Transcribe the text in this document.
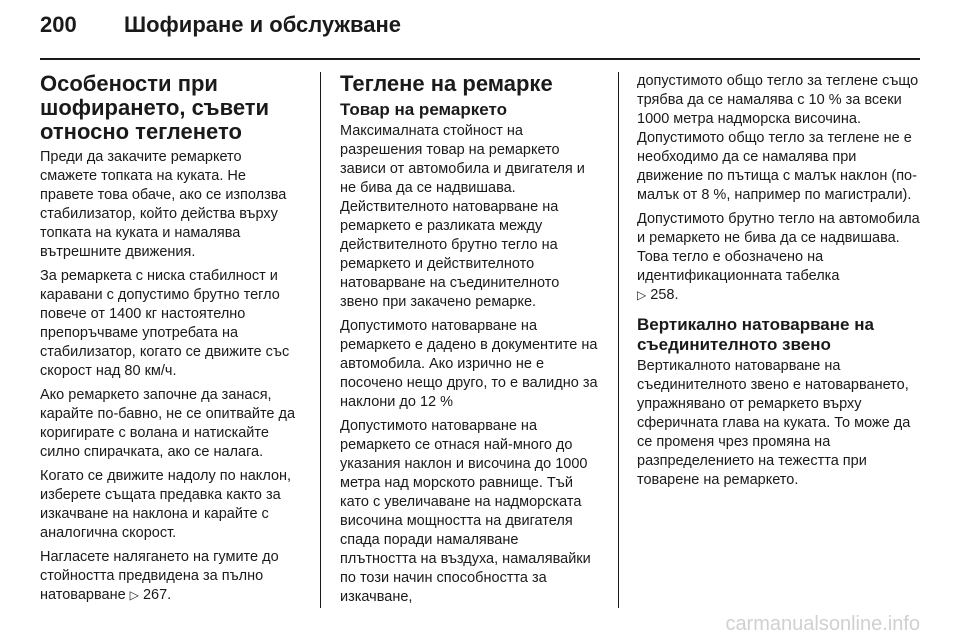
200	Шофиране и обслужване
Особености при шофирането, съвети относно тегленето

Преди да закачите ремаркето смажете топката на куката. Не правете това обаче, ако се използва стабилизатор, който действа върху топката на куката и намалява вътрешните движения.

За ремаркета с ниска стабилност и каравани с допустимо брутно тегло повече от 1400 кг настоятелно препоръчваме употребата на стабилизатор, когато се движите със скорост над 80 км/ч.

Ако ремаркето започне да занася, карайте по-бавно, не се опитвайте да коригирате с волана и натискайте силно спирачката, ако се налага.

Когато се движите надолу по наклон, изберете същата предавка както за изкачване на наклона и карайте с аналогична скорост.

Нагласете налягането на гумите до стойността предвидена за пълно натоварване ▷ 267.

Теглене на ремарке
Товар на ремаркето

Максималната стойност на разрешения товар на ремаркето зависи от автомобила и двигателя и не бива да се надвишава. Действителното натоварване на ремаркето е разликата между действителното брутно тегло на ремаркето и действителното натоварване на съединителното звено при закачено ремарке.

Допустимото натоварване на ремаркето е дадено в документите на автомобила. Ако изрично не е посочено нещо друго, то е валидно за наклони до 12 %

Допустимото натоварване на ремаркето се отнася най-много до указания наклон и височина до 1000 метра над морското равнище. Тъй като с увеличаване на надморската височина мощността на двигателя спада поради намаляване плътността на въздуха, намалявайки по този начин способността за изкачване,

допустимото общо тегло за теглене също трябва да се намалява с 10 % за всеки 1000 метра надморска височина. Допустимото общо тегло за теглене не е необходимо да се намалява при движение по пътища с малък наклон (по-малък от 8 %, например по магистрали).

Допустимото брутно тегло на автомобила и ремаркето не бива да се надвишава. Това тегло е обозначено на идентификационната табелка
▷ 258.

Вертикално натоварване на съединителното звено

Вертикалното натоварване на съединителното звено е натоварването, упражнявано от ремаркето върху сферичната глава на куката. То може да се променя чрез промяна на разпределението на тежестта при товарене на ремаркето.

carmanualsonline.info
